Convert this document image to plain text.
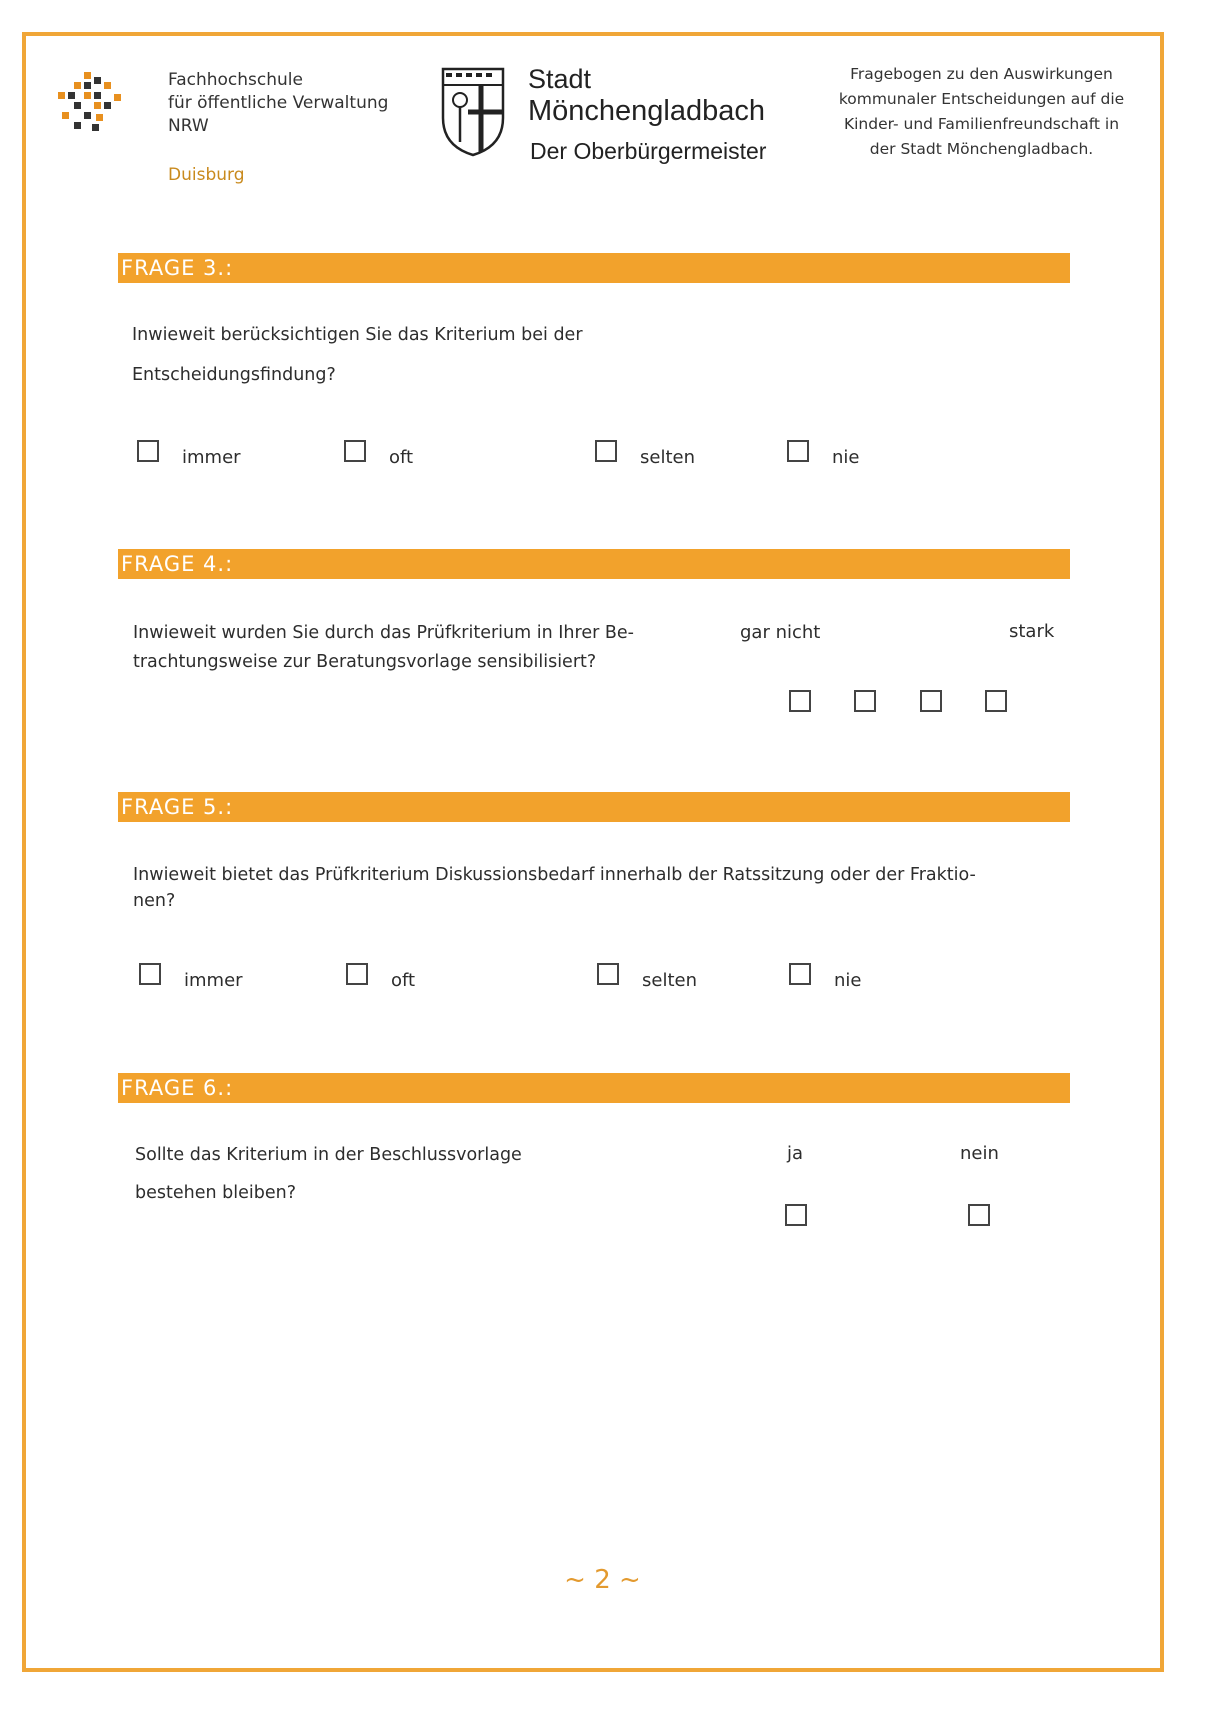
Fachhochschule
für öffentliche Verwaltung
NRW
Duisburg
Stadt
Mönchengladbach
Der Oberbürgermeister
Fragebogen zu den Auswirkungen
kommunaler Entscheidungen auf die
Kinder- und Familienfreundschaft in
der Stadt Mönchengladbach.
FRAGE 3.:
Inwieweit berücksichtigen Sie das Kriterium bei der
Entscheidungsfindung?
immer	oft	selten	nie
FRAGE 4.:
Inwieweit wurden Sie durch das Prüfkriterium in Ihrer Be-
trachtungsweise zur Beratungsvorlage sensibilisiert?
gar nicht	stark
FRAGE 5.:
Inwieweit bietet das Prüfkriterium Diskussionsbedarf innerhalb der Ratssitzung oder der Fraktio-
nen?
immer	oft	selten	nie
FRAGE 6.:
Sollte das Kriterium in der Beschlussvorlage
bestehen bleiben?
ja	nein
~ 2 ~
